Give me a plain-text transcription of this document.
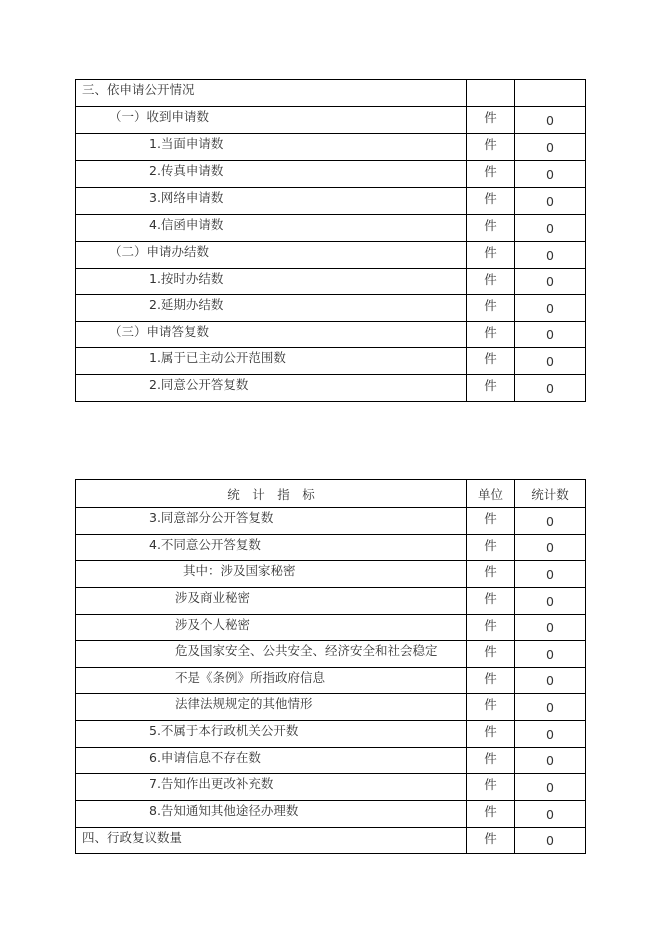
三、依申请公开情况		
（一）收到申请数	件	0
1.当面申请数	件	0
2.传真申请数	件	0
3.网络申请数	件	0
4.信函申请数	件	0
（二）申请办结数	件	0
1.按时办结数	件	0
2.延期办结数	件	0
（三）申请答复数	件	0
1.属于已主动公开范围数	件	0
2.同意公开答复数	件	0
统　计　指　标	单位	统计数
3.同意部分公开答复数	件	0
4.不同意公开答复数	件	0
其中：涉及国家秘密	件	0
涉及商业秘密	件	0
涉及个人秘密	件	0
危及国家安全、公共安全、经济安全和社会稳定	件	0
不是《条例》所指政府信息	件	0
法律法规规定的其他情形	件	0
5.不属于本行政机关公开数	件	0
6.申请信息不存在数	件	0
7.告知作出更改补充数	件	0
8.告知通知其他途径办理数	件	0
四、行政复议数量	件	0
